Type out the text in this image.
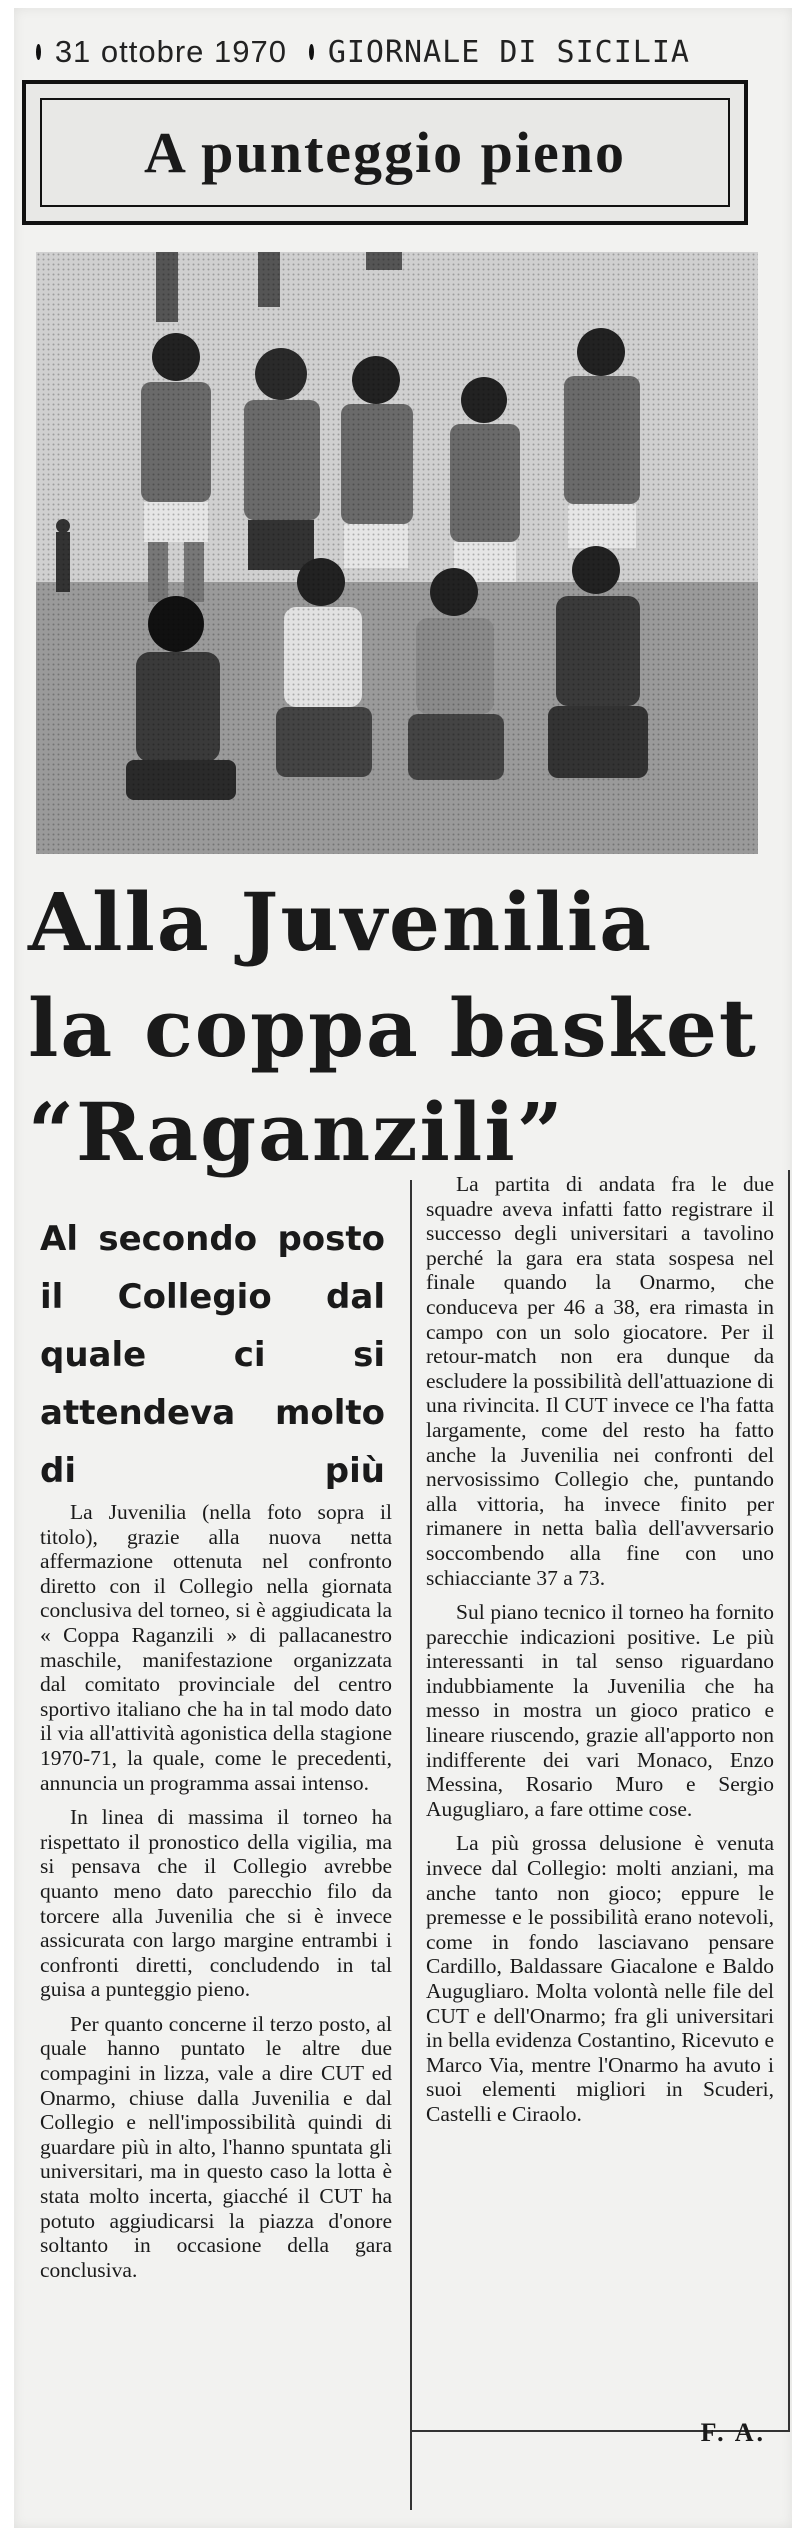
31 ottobre 1970 GIORNALE DI SICILIA
A punteggio pieno
Alla Juvenilia
la coppa basket
“Raganzili”
Al secondo posto il Collegio dal quale ci si attendeva molto di più

La Juvenilia (nella foto sopra il titolo), grazie alla nuova netta affermazione ottenuta nel confronto diretto con il Collegio nella giornata conclusiva del torneo, si è aggiudicata la « Coppa Raganzili » di pallacanestro maschile, manifestazione organizzata dal comitato provinciale del centro sportivo italiano che ha in tal modo dato il via all'attività agonistica della stagione 1970-71, la quale, come le precedenti, annuncia un programma assai intenso.

In linea di massima il torneo ha rispettato il pronostico della vigilia, ma si pensava che il Collegio avrebbe quanto meno dato parecchio filo da torcere alla Juvenilia che si è invece assicurata con largo margine entrambi i confronti diretti, concludendo in tal guisa a punteggio pieno.

Per quanto concerne il terzo posto, al quale hanno puntato le altre due compagini in lizza, vale a dire CUT ed Onarmo, chiuse dalla Juvenilia e dal Collegio e nell'impossibilità quindi di guardare più in alto, l'hanno spuntata gli universitari, ma in questo caso la lotta è stata molto incerta, giacché il CUT ha potuto aggiudicarsi la piazza d'onore soltanto in occasione della gara conclusiva.

La partita di andata fra le due squadre aveva infatti fatto registrare il successo degli universitari a tavolino perché la gara era stata sospesa nel finale quando la Onarmo, che conduceva per 46 a 38, era rimasta in campo con un solo giocatore. Per il retour-match non era dunque da escludere la possibilità dell'attuazione di una rivincita. Il CUT invece ce l'ha fatta largamente, come del resto ha fatto anche la Juvenilia nei confronti del nervosissimo Collegio che, puntando alla vittoria, ha invece finito per rimanere in netta balìa dell'avversario soccombendo alla fine con uno schiacciante 37 a 73.

Sul piano tecnico il torneo ha fornito parecchie indicazioni positive. Le più interessanti in tal senso riguardano indubbiamente la Juvenilia che ha messo in mostra un gioco pratico e lineare riuscendo, grazie all'apporto non indifferente dei vari Monaco, Enzo Messina, Rosario Muro e Sergio Augugliaro, a fare ottime cose.

La più grossa delusione è venuta invece dal Collegio: molti anziani, ma anche tanto non gioco; eppure le premesse e le possibilità erano notevoli, come in fondo lasciavano pensare Cardillo, Baldassare Giacalone e Baldo Augugliaro. Molta volontà nelle file del CUT e dell'Onarmo; fra gli universitari in bella evidenza Costantino, Ricevuto e Marco Via, mentre l'Onarmo ha avuto i suoi elementi migliori in Scuderi, Castelli e Ciraolo.

F. A.
